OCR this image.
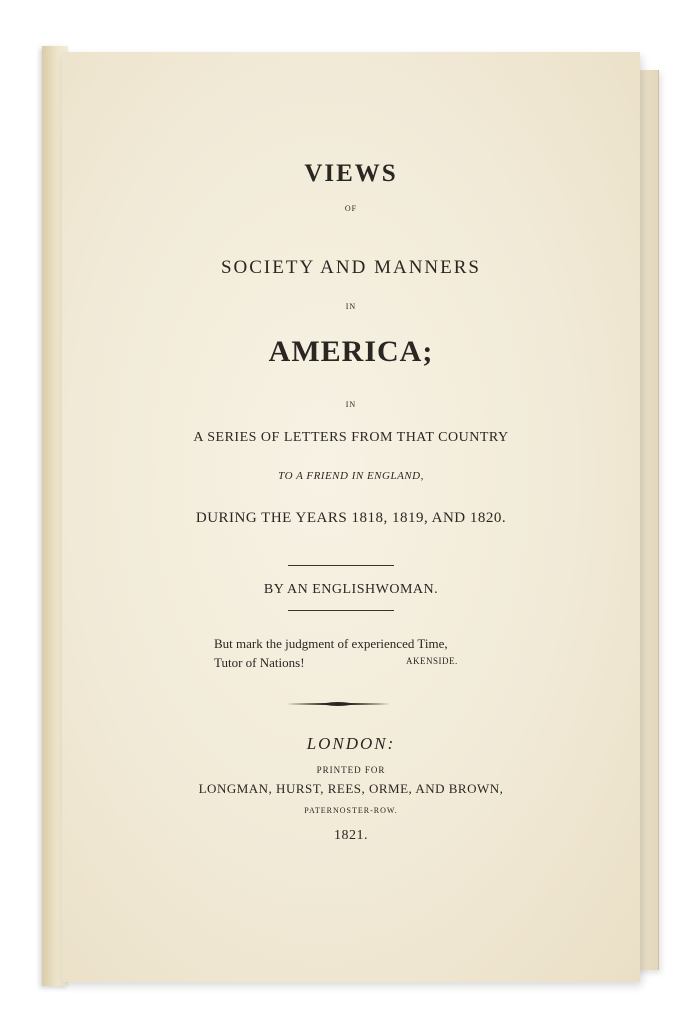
VIEWS
OF
SOCIETY AND MANNERS
IN
AMERICA;
IN
A SERIES OF LETTERS FROM THAT COUNTRY
TO A FRIEND IN ENGLAND,
DURING THE YEARS 1818, 1819, AND 1820.
BY AN ENGLISHWOMAN.
But mark the judgment of experienced Time,
Tutor of Nations!	AKENSIDE.
LONDON:
PRINTED FOR
LONGMAN, HURST, REES, ORME, AND BROWN,
PATERNOSTER-ROW.
1821.
